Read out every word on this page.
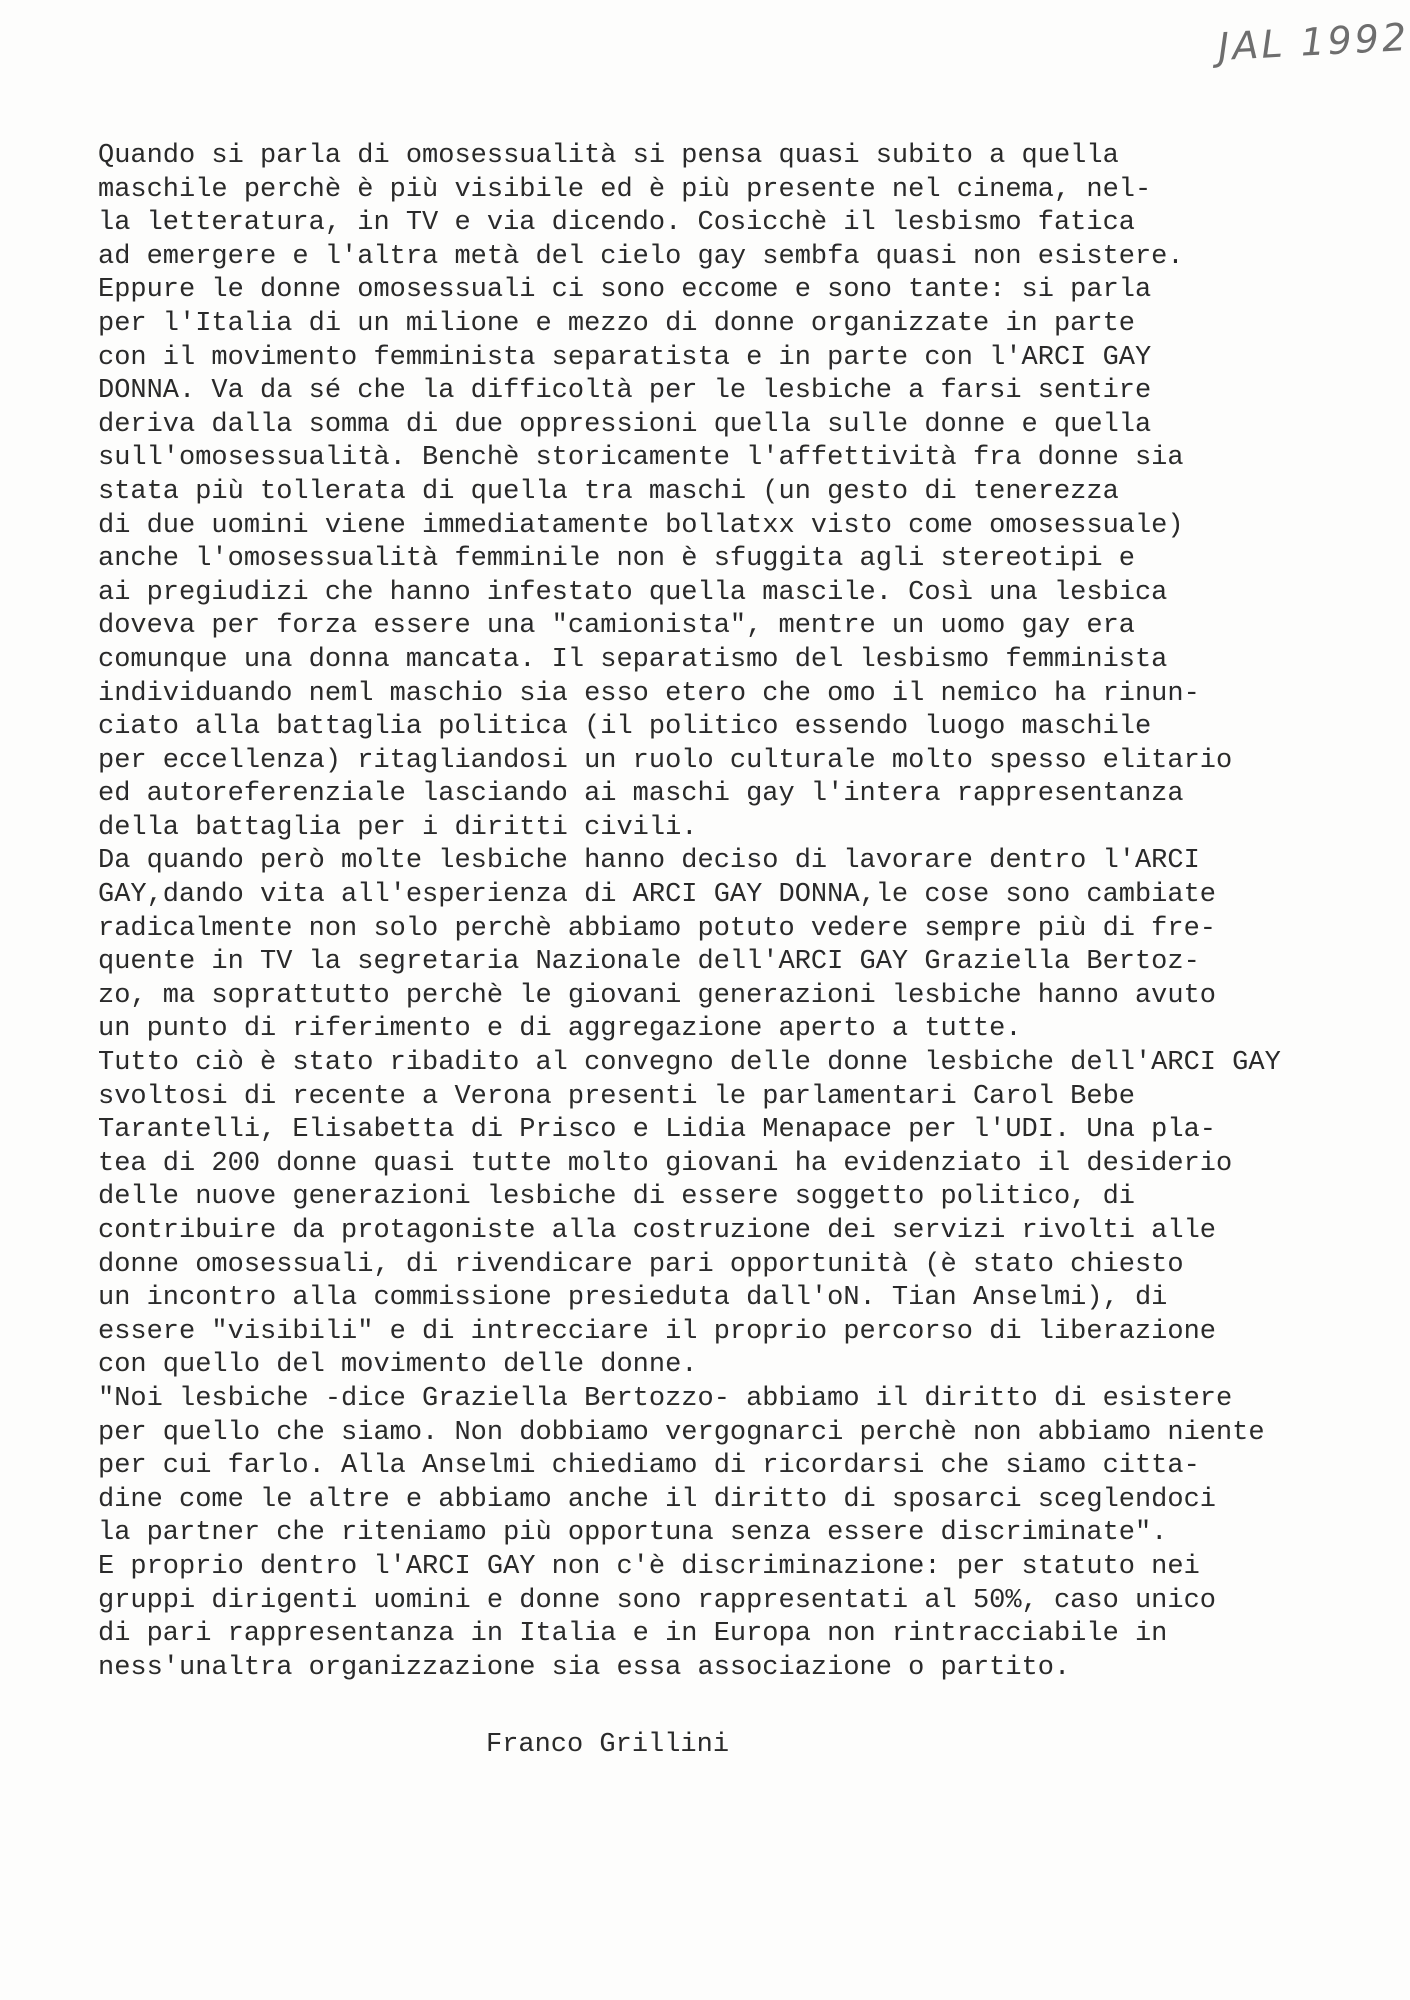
JAL 1992
Quando si parla di omosessualità si pensa quasi subito a quella
maschile perchè è più visibile ed è più presente nel cinema, nel-
la letteratura, in TV e via dicendo. Cosicchè il lesbismo fatica
ad emergere e l'altra metà del cielo gay sembfa quasi non esistere.
Eppure le donne omosessuali ci sono eccome e sono tante: si parla
per l'Italia di un milione e mezzo di donne organizzate in parte
con il movimento femminista separatista e in parte con l'ARCI GAY
DONNA. Va da sé che la difficoltà per le lesbiche a farsi sentire
deriva dalla somma di due oppressioni quella sulle donne e quella
sull'omosessualità. Benchè storicamente l'affettività fra donne sia
stata più tollerata di quella tra maschi (un gesto di tenerezza
di due uomini viene immediatamente bollatxx visto come omosessuale)
anche l'omosessualità femminile non è sfuggita agli stereotipi e
ai pregiudizi che hanno infestato quella mascile. Così una lesbica
doveva per forza essere una "camionista", mentre un uomo gay era
comunque una donna mancata. Il separatismo del lesbismo femminista
individuando neml maschio sia esso etero che omo il nemico ha rinun-
ciato alla battaglia politica (il politico essendo luogo maschile
per eccellenza) ritagliandosi un ruolo culturale molto spesso elitario
ed autoreferenziale lasciando ai maschi gay l'intera rappresentanza
della battaglia per i diritti civili.
Da quando però molte lesbiche hanno deciso di lavorare dentro l'ARCI
GAY,dando vita all'esperienza di ARCI GAY DONNA,le cose sono cambiate
radicalmente non solo perchè abbiamo potuto vedere sempre più di fre-
quente in TV la segretaria Nazionale dell'ARCI GAY Graziella Bertoz-
zo, ma soprattutto perchè le giovani generazioni lesbiche hanno avuto
un punto di riferimento e di aggregazione aperto a tutte.
Tutto ciò è stato ribadito al convegno delle donne lesbiche dell'ARCI GAY
svoltosi di recente a Verona presenti le parlamentari Carol Bebe
Tarantelli, Elisabetta di Prisco e Lidia Menapace per l'UDI. Una pla-
tea di 200 donne quasi tutte molto giovani ha evidenziato il desiderio
delle nuove generazioni lesbiche di essere soggetto politico, di
contribuire da protagoniste alla costruzione dei servizi rivolti alle
donne omosessuali, di rivendicare pari opportunità (è stato chiesto
un incontro alla commissione presieduta dall'oN. Tian Anselmi), di
essere "visibili" e di intrecciare il proprio percorso di liberazione
con quello del movimento delle donne.
"Noi lesbiche -dice Graziella Bertozzo- abbiamo il diritto di esistere
per quello che siamo. Non dobbiamo vergognarci perchè non abbiamo niente
per cui farlo. Alla Anselmi chiediamo di ricordarsi che siamo citta-
dine come le altre e abbiamo anche il diritto di sposarci sceglendoci
la partner che riteniamo più opportuna senza essere discriminate".
E proprio dentro l'ARCI GAY non c'è discriminazione: per statuto nei
gruppi dirigenti uomini e donne sono rappresentati al 50%, caso unico
di pari rappresentanza in Italia e in Europa non rintracciabile in
ness'unaltra organizzazione sia essa associazione o partito.
Franco Grillini
